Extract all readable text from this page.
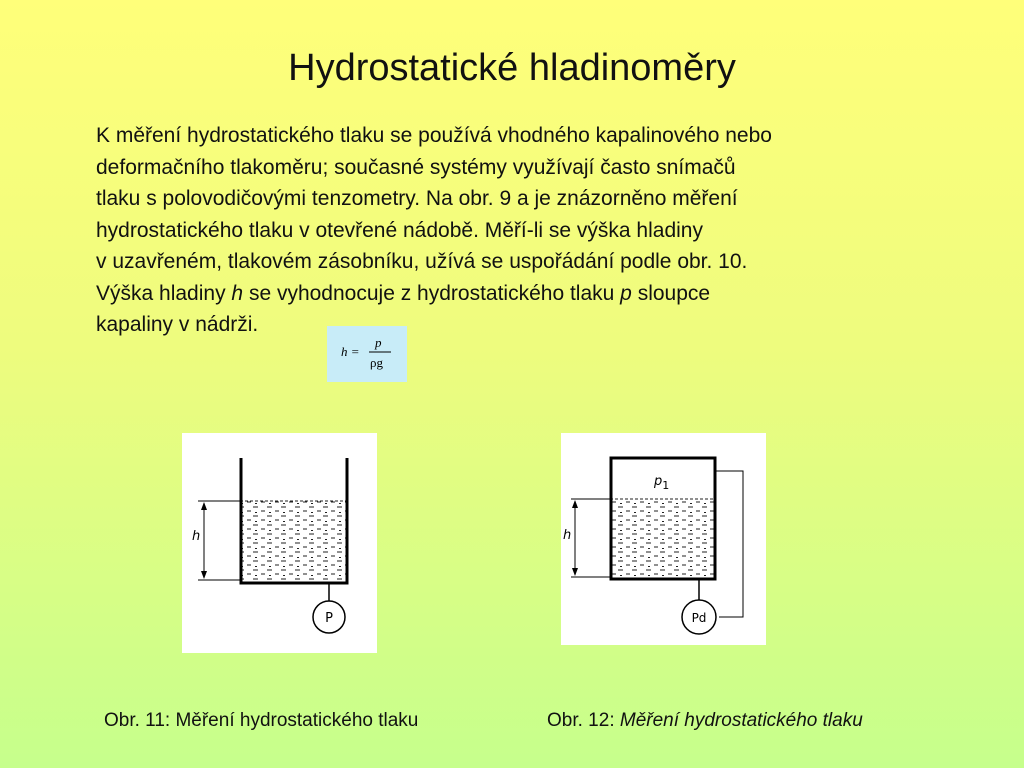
Hydrostatické hladinoměry
K měření hydrostatického tlaku se používá vhodného kapalinového nebo
deformačního tlakoměru; současné systémy využívají často snímačů
tlaku s polovodičovými tenzometry. Na obr. 9 a je znázorněno měření
hydrostatického tlaku v otevřené nádobě. Měří-li se výška hladiny
v uzavřeném, tlakovém zásobníku, užívá se uspořádání podle obr. 10.
Výška hladiny h se vyhodnocuje z hydrostatického tlaku p sloupce
kapaliny v nádrži.
h =
p
ρg
h
P
$p_1$
h
Pd
Obr. 11: Měření hydrostatického tlaku	Obr. 12: Měření hydrostatického tlaku
